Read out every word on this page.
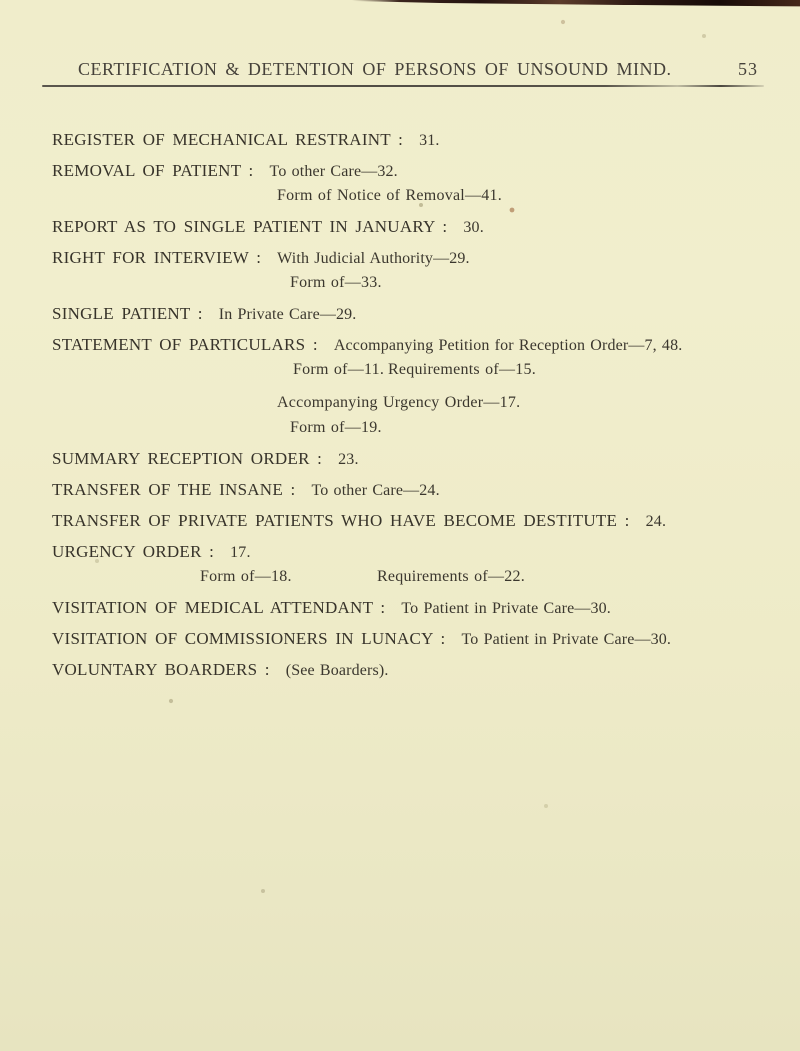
CERTIFICATION & DETENTION OF PERSONS OF UNSOUND MIND.	53
REGISTER OF MECHANICAL RESTRAINT : 31.
REMOVAL OF PATIENT : To other Care—32.
Form of Notice of Removal—41.
REPORT AS TO SINGLE PATIENT IN JANUARY : 30.
RIGHT FOR INTERVIEW : With Judicial Authority—29.
Form of—33.
SINGLE PATIENT : In Private Care—29.
STATEMENT OF PARTICULARS : Accompanying Petition for Reception Order—7, 48.
Form of—11. Requirements of—15.
Accompanying Urgency Order—17.
Form of—19.
SUMMARY RECEPTION ORDER : 23.
TRANSFER OF THE INSANE : To other Care—24.
TRANSFER OF PRIVATE PATIENTS WHO HAVE BECOME DESTITUTE : 24.
URGENCY ORDER : 17.
Form of—18.	Requirements of—22.
VISITATION OF MEDICAL ATTENDANT : To Patient in Private Care—30.
VISITATION OF COMMISSIONERS IN LUNACY : To Patient in Private Care—30.
VOLUNTARY BOARDERS : (See Boarders).
